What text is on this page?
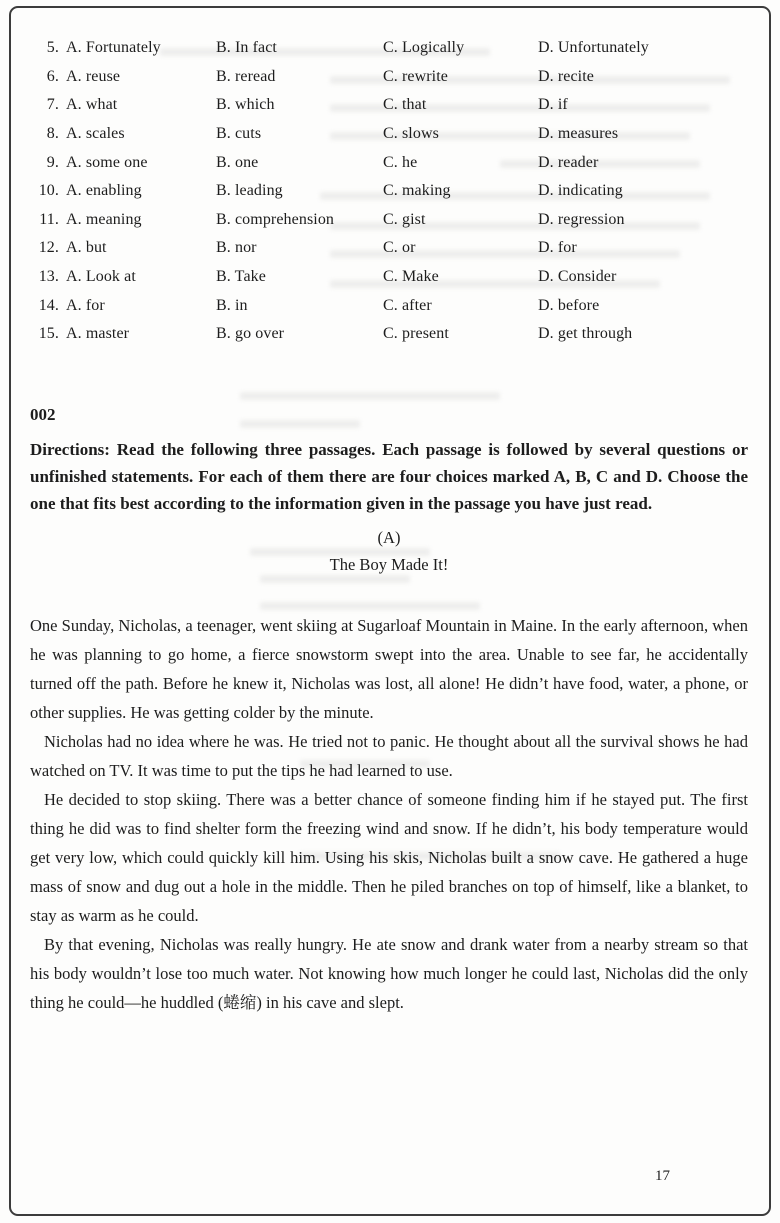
5. A. Fortunately	B. In fact	C. Logically	D. Unfortunately
6. A. reuse	B. reread	C. rewrite	D. recite
7. A. what	B. which	C. that	D. if
8. A. scales	B. cuts	C. slows	D. measures
9. A. some one	B. one	C. he	D. reader
10. A. enabling	B. leading	C. making	D. indicating
11. A. meaning	B. comprehension	C. gist	D. regression
12. A. but	B. nor	C. or	D. for
13. A. Look at	B. Take	C. Make	D. Consider
14. A. for	B. in	C. after	D. before
15. A. master	B. go over	C. present	D. get through
002
Directions: Read the following three passages. Each passage is followed by several questions or unfinished statements. For each of them there are four choices marked A, B, C and D. Choose the one that fits best according to the information given in the passage you have just read.
(A)
The Boy Made It!

One Sunday, Nicholas, a teenager, went skiing at Sugarloaf Mountain in Maine. In the early afternoon, when he was planning to go home, a fierce snowstorm swept into the area. Unable to see far, he accidentally turned off the path. Before he knew it, Nicholas was lost, all alone! He didn’t have food, water, a phone, or other supplies. He was getting colder by the minute.

Nicholas had no idea where he was. He tried not to panic. He thought about all the survival shows he had watched on TV. It was time to put the tips he had learned to use.

He decided to stop skiing. There was a better chance of someone finding him if he stayed put. The first thing he did was to find shelter form the freezing wind and snow. If he didn’t, his body temperature would get very low, which could quickly kill him. Using his skis, Nicholas built a snow cave. He gathered a huge mass of snow and dug out a hole in the middle. Then he piled branches on top of himself, like a blanket, to stay as warm as he could.

By that evening, Nicholas was really hungry. He ate snow and drank water from a nearby stream so that his body wouldn’t lose too much water. Not knowing how much longer he could last, Nicholas did the only thing he could—he huddled (蜷缩) in his cave and slept.

17
